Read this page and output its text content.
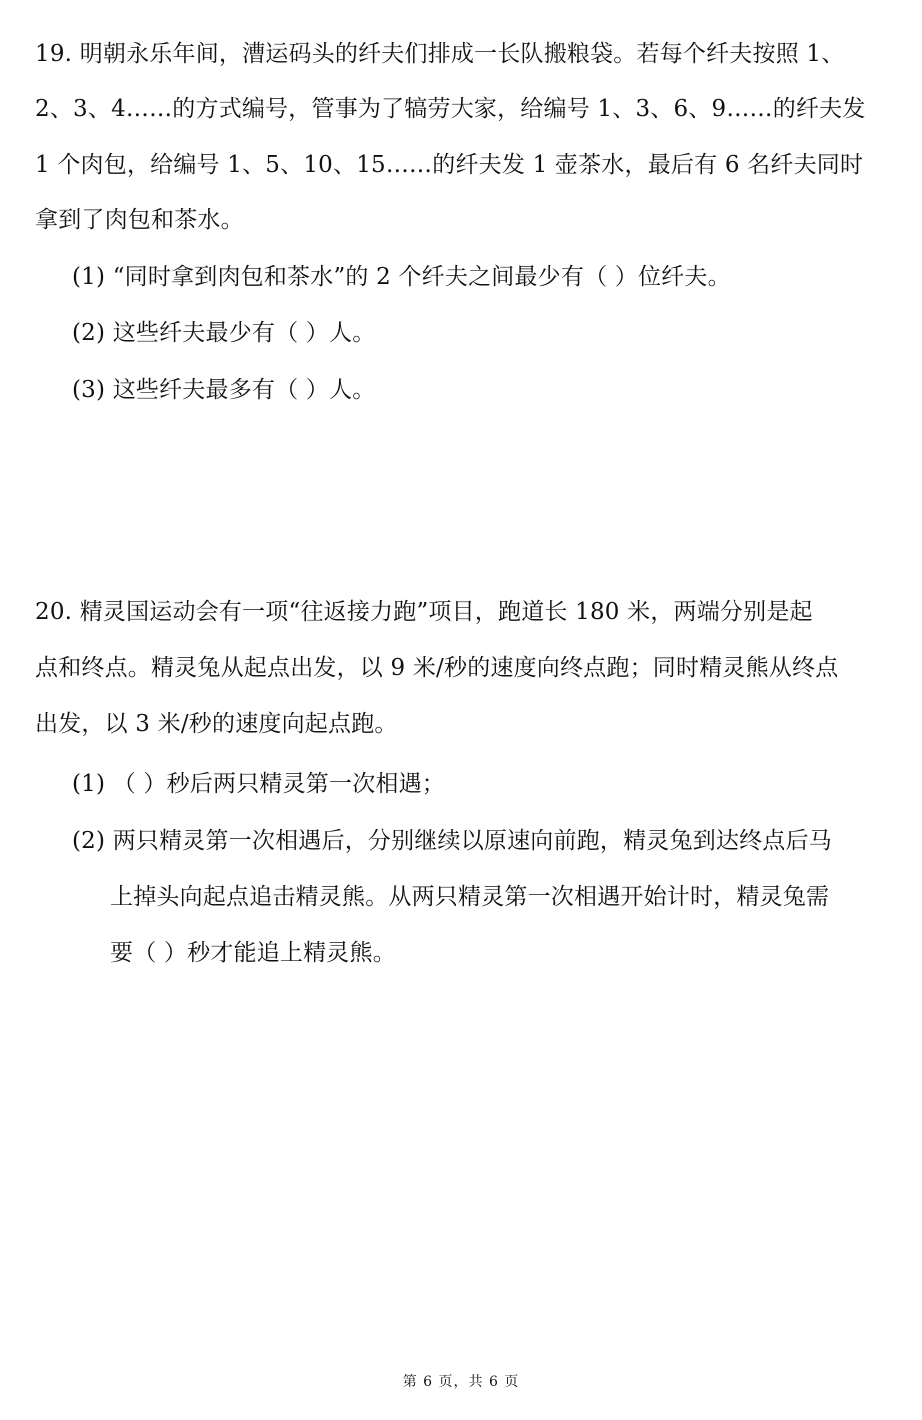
19. 明朝永乐年间，漕运码头的纤夫们排成一长队搬粮袋。若每个纤夫按照 1、
2、3、4……的方式编号，管事为了犒劳大家，给编号 1、3、6、9……的纤夫发
1 个肉包，给编号 1、5、10、15……的纤夫发 1 壶茶水，最后有 6 名纤夫同时
拿到了肉包和茶水。
(1) “同时拿到肉包和茶水”的 2 个纤夫之间最少有（ ）位纤夫。
(2) 这些纤夫最少有（ ）人。
(3) 这些纤夫最多有（ ）人。
20. 精灵国运动会有一项“往返接力跑”项目，跑道长 180 米，两端分别是起
点和终点。精灵兔从起点出发，以 9 米/秒的速度向终点跑；同时精灵熊从终点
出发，以 3 米/秒的速度向起点跑。
(1) （ ）秒后两只精灵第一次相遇；
(2) 两只精灵第一次相遇后，分别继续以原速向前跑，精灵兔到达终点后马
上掉头向起点追击精灵熊。从两只精灵第一次相遇开始计时，精灵兔需
要（ ）秒才能追上精灵熊。
第 6 页，共 6 页
